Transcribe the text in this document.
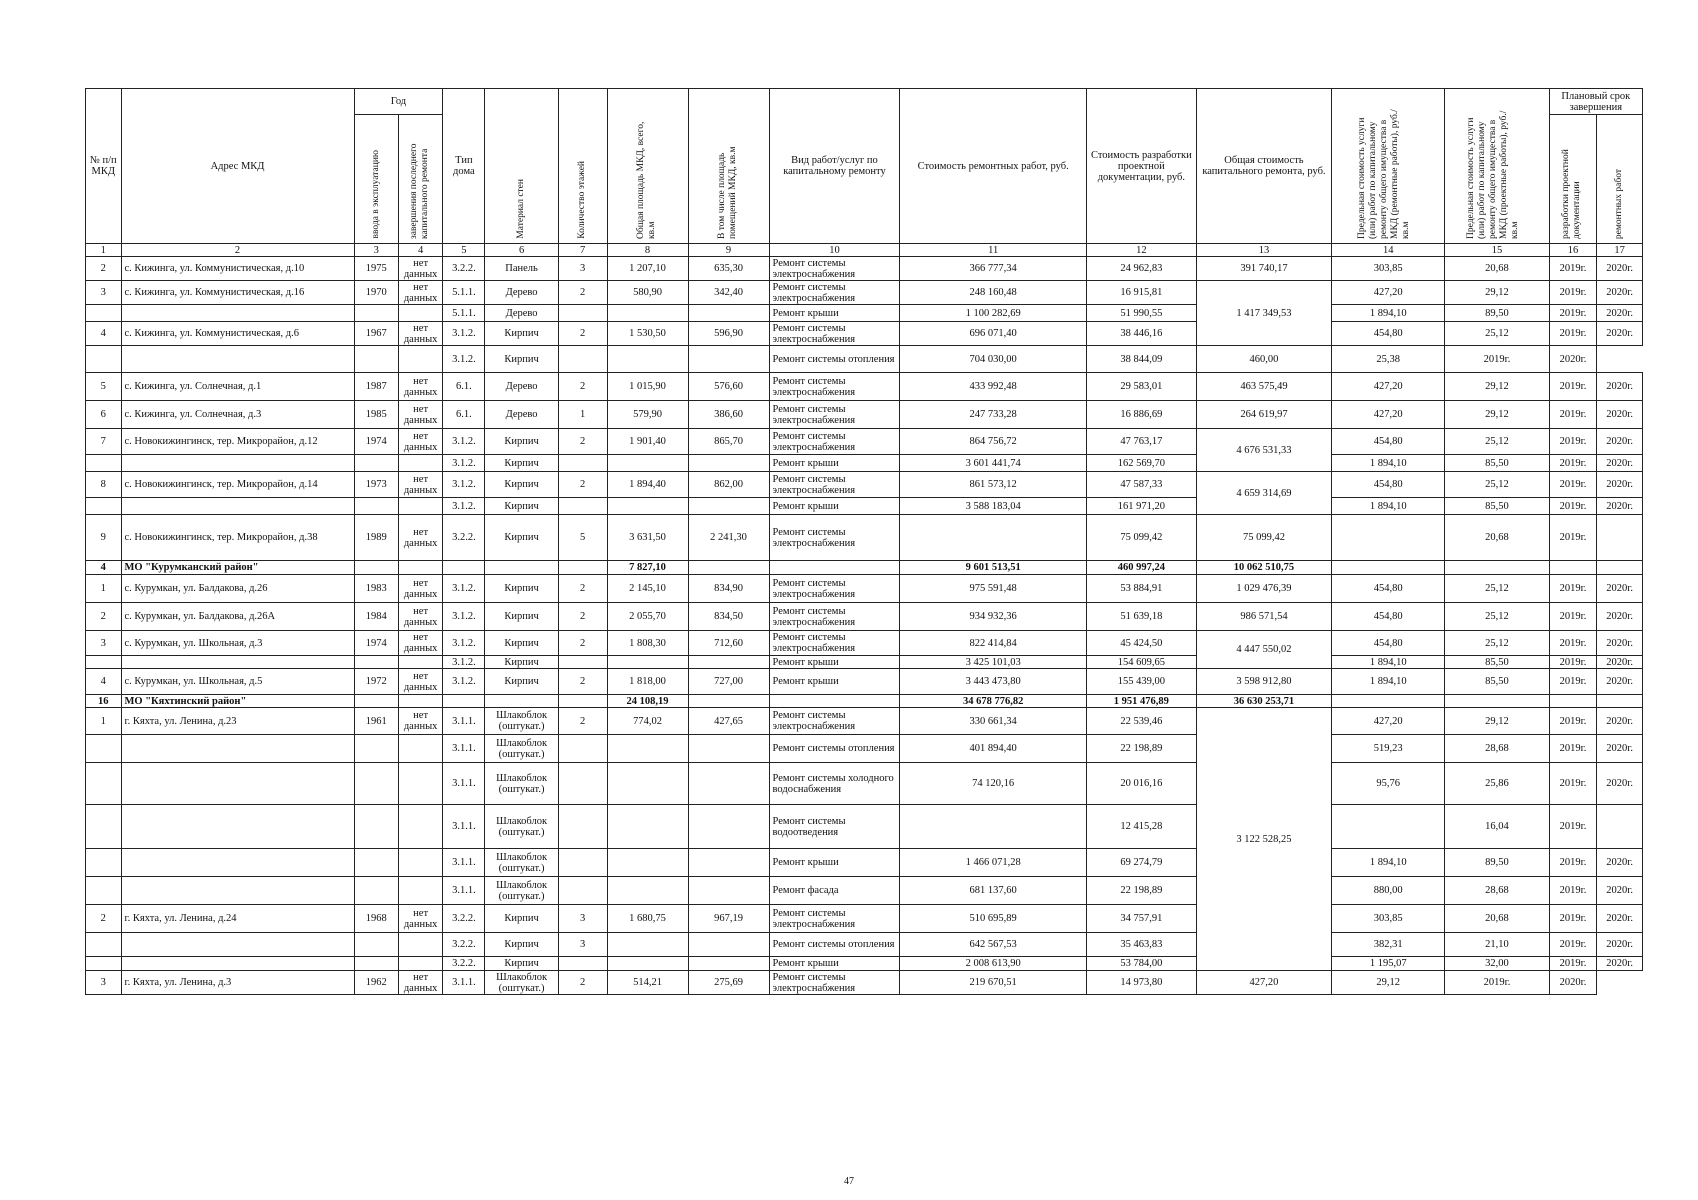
№ п/п МКД	Адрес МКД	Год		Тип дома	Материал стен	Количество этажей	Общая площадь МКД, всего, кв.м	В том числе площадь помещений МКД, кв.м	Вид работ/услуг по капитальному ремонту	Стоимость ремонтных работ, руб.	Стоимость разработки проектной документации, руб.	Общая стоимость капитального ремонта, руб.	Предельная стоимость услуги (или) работ по капитальному ремонту общего имущества в МКД (ремонтные работы), руб./кв.м	Предельная стоимость услуги (или) работ по капитальному ремонту общего имущества в МКД (проектные работы), руб./кв.м	Плановый срок завершения	

		ввода в эксплуатацию	завершения последнего капитального ремонта												разработки проектной документации	ремонтных работ

1	2	3	4	5	6	7	8	9	10	11	12	13	14	15	16	17
2	с. Кижинга, ул. Коммунистическая, д.10	1975	нет данных	3.2.2.	Панель	3	1 207,10	635,30	Ремонт системы электроснабжения	366 777,34	24 962,83	391 740,17	303,85	20,68	2019г.	2020г.
3	с. Кижинга, ул. Коммунистическая, д.16	1970	нет данных	5.1.1.	Дерево	2	580,90	342,40	Ремонт системы электроснабжения	248 160,48	16 915,81	1 417 349,53	427,20	29,12	2019г.	2020г.
				5.1.1.	Дерево				Ремонт крыши	1 100 282,69	51 990,55		1 894,10	89,50	2019г.	2020г.
4	с. Кижинга, ул. Коммунистическая, д.6	1967	нет данных	3.1.2.	Кирпич	2	1 530,50	596,90	Ремонт системы электроснабжения	696 071,40	38 446,16		454,80	25,12	2019г.	2020г.
				3.1.2.	Кирпич				Ремонт системы отопления	704 030,00	38 844,09	460,00	25,38	2019г.	2020г.	
5	с. Кижинга, ул. Солнечная, д.1	1987	нет данных	6.1.	Дерево	2	1 015,90	576,60	Ремонт системы электроснабжения	433 992,48	29 583,01	463 575,49	427,20	29,12	2019г.	2020г.
6	с. Кижинга, ул. Солнечная, д.3	1985	нет данных	6.1.	Дерево	1	579,90	386,60	Ремонт системы электроснабжения	247 733,28	16 886,69	264 619,97	427,20	29,12	2019г.	2020г.
7	с. Новокижингинск, тер. Микрорайон, д.12	1974	нет данных	3.1.2.	Кирпич	2	1 901,40	865,70	Ремонт системы электроснабжения	864 756,72	47 763,17	4 676 531,33	454,80	25,12	2019г.	2020г.
				3.1.2.	Кирпич				Ремонт крыши	3 601 441,74	162 569,70		1 894,10	85,50	2019г.	2020г.
8	с. Новокижингинск, тер. Микрорайон, д.14	1973	нет данных	3.1.2.	Кирпич	2	1 894,40	862,00	Ремонт системы электроснабжения	861 573,12	47 587,33	4 659 314,69	454,80	25,12	2019г.	2020г.
				3.1.2.	Кирпич				Ремонт крыши	3 588 183,04	161 971,20		1 894,10	85,50	2019г.	2020г.
9	с. Новокижингинск, тер. Микрорайон, д.38	1989	нет данных	3.2.2.	Кирпич	5	3 631,50	2 241,30	Ремонт системы электроснабжения		75 099,42	75 099,42		20,68	2019г.	
4	МО "Курумканский район"						7 827,10			9 601 513,51	460 997,24	10 062 510,75				
1	с. Курумкан, ул. Балдакова, д.26	1983	нет данных	3.1.2.	Кирпич	2	2 145,10	834,90	Ремонт системы электроснабжения	975 591,48	53 884,91	1 029 476,39	454,80	25,12	2019г.	2020г.
2	с. Курумкан, ул. Балдакова, д.26А	1984	нет данных	3.1.2.	Кирпич	2	2 055,70	834,50	Ремонт системы электроснабжения	934 932,36	51 639,18	986 571,54	454,80	25,12	2019г.	2020г.
3	с. Курумкан, ул. Школьная, д.3	1974	нет данных	3.1.2.	Кирпич	2	1 808,30	712,60	Ремонт системы электроснабжения	822 414,84	45 424,50	4 447 550,02	454,80	25,12	2019г.	2020г.
				3.1.2.	Кирпич				Ремонт крыши	3 425 101,03	154 609,65		1 894,10	85,50	2019г.	2020г.
4	с. Курумкан, ул. Школьная, д.5	1972	нет данных	3.1.2.	Кирпич	2	1 818,00	727,00	Ремонт крыши	3 443 473,80	155 439,00	3 598 912,80	1 894,10	85,50	2019г.	2020г.
16	МО "Кяхтинский район"						24 108,19			34 678 776,82	1 951 476,89	36 630 253,71				
1	г. Кяхта, ул. Ленина, д.23	1961	нет данных	3.1.1.	Шлакоблок (оштукат.)	2	774,02	427,65	Ремонт системы электроснабжения	330 661,34	22 539,46	3 122 528,25	427,20	29,12	2019г.	2020г.
				3.1.1.	Шлакоблок (оштукат.)				Ремонт системы отопления	401 894,40	22 198,89		519,23	28,68	2019г.	2020г.
				3.1.1.	Шлакоблок (оштукат.)				Ремонт системы холодного водоснабжения	74 120,16	20 016,16		95,76	25,86	2019г.	2020г.
				3.1.1.	Шлакоблок (оштукат.)				Ремонт системы водоотведения		12 415,28			16,04	2019г.	
				3.1.1.	Шлакоблок (оштукат.)				Ремонт крыши	1 466 071,28	69 274,79		1 894,10	89,50	2019г.	2020г.
				3.1.1.	Шлакоблок (оштукат.)				Ремонт фасада	681 137,60	22 198,89		880,00	28,68	2019г.	2020г.
2	г. Кяхта, ул. Ленина, д.24	1968	нет данных	3.2.2.	Кирпич	3	1 680,75	967,19	Ремонт системы электроснабжения	510 695,89	34 757,91		303,85	20,68	2019г.	2020г.
				3.2.2.	Кирпич	3			Ремонт системы отопления	642 567,53	35 463,83		382,31	21,10	2019г.	2020г.
				3.2.2.	Кирпич				Ремонт крыши	2 008 613,90	53 784,00		1 195,07	32,00	2019г.	2020г.
3	г. Кяхта, ул. Ленина, д.3	1962	нет данных	3.1.1.	Шлакоблок (оштукат.)	2	514,21	275,69	Ремонт системы электроснабжения	219 670,51	14 973,80	427,20	29,12	2019г.	2020г.	
47
